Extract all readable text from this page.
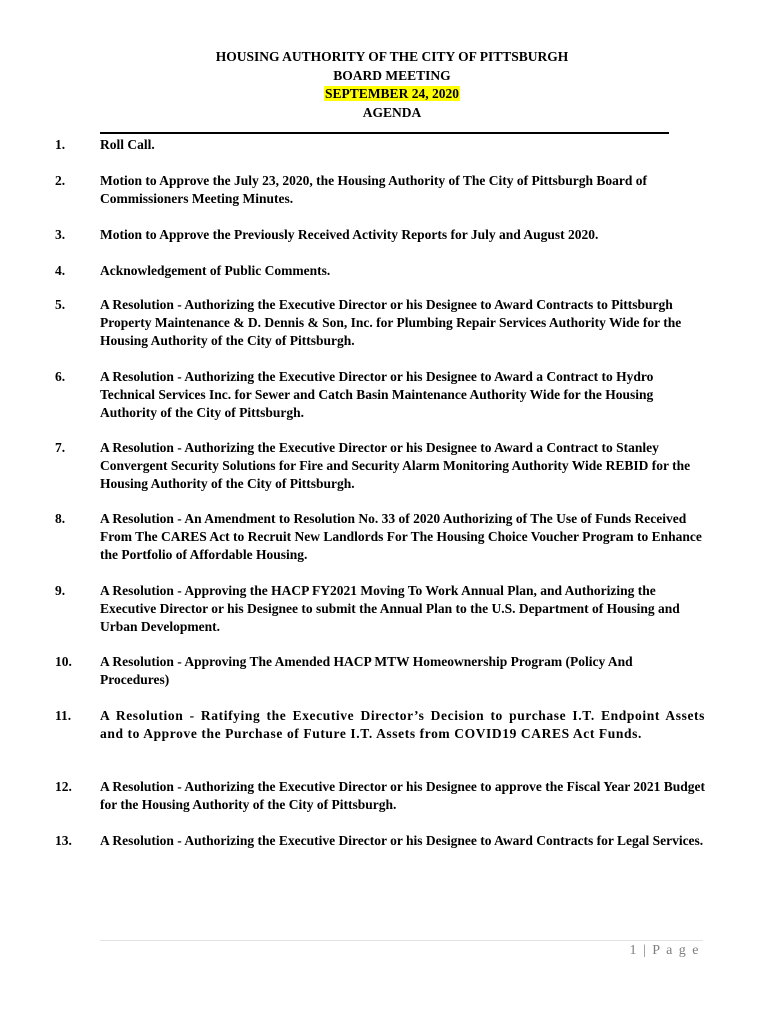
HOUSING AUTHORITY OF THE CITY OF PITTSBURGH
BOARD MEETING
SEPTEMBER 24, 2020
AGENDA
1.	Roll Call.
2.	Motion to Approve the July 23, 2020, the Housing Authority of The City of Pittsburgh Board of Commissioners Meeting Minutes.
3.	Motion to Approve the Previously Received Activity Reports for July and August 2020.
4.	Acknowledgement of Public Comments.
5.	A Resolution - Authorizing the Executive Director or his Designee to Award Contracts to Pittsburgh Property Maintenance & D. Dennis & Son, Inc. for Plumbing Repair Services Authority Wide for the Housing Authority of the City of Pittsburgh.
6.	A Resolution - Authorizing the Executive Director or his Designee to Award a Contract to Hydro Technical Services Inc. for Sewer and Catch Basin Maintenance Authority Wide for the Housing Authority of the City of Pittsburgh.
7.	A Resolution - Authorizing the Executive Director or his Designee to Award a Contract to Stanley Convergent Security Solutions for Fire and Security Alarm Monitoring Authority Wide REBID for the Housing Authority of the City of Pittsburgh.
8.	A Resolution - An Amendment to Resolution No. 33 of 2020 Authorizing of The Use of Funds Received From The CARES Act to Recruit New Landlords For The Housing Choice Voucher Program to Enhance the Portfolio of Affordable Housing.
9.	A Resolution - Approving the HACP FY2021 Moving To Work Annual Plan, and Authorizing the Executive Director or his Designee to submit the Annual Plan to the U.S. Department of Housing and Urban Development.
10.	A Resolution - Approving The Amended HACP MTW Homeownership Program (Policy And Procedures)
11.	A Resolution - Ratifying the Executive Director’s Decision to purchase I.T. Endpoint Assets and to Approve the Purchase of Future I.T. Assets from COVID19 CARES Act Funds.
12.	A Resolution - Authorizing the Executive Director or his Designee to approve the Fiscal Year 2021 Budget for the Housing Authority of the City of Pittsburgh.
13.	A Resolution - Authorizing the Executive Director or his Designee to Award Contracts for Legal Services.
1 | P a g e
